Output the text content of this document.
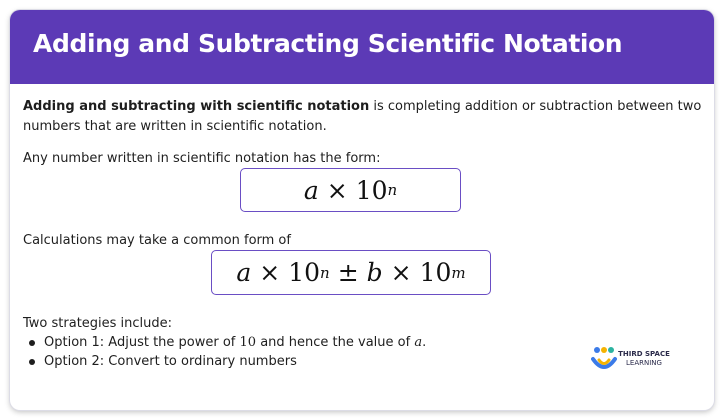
Adding and Subtracting Scientific Notation

Adding and subtracting with scientific notation is completing addition or subtraction between two

numbers that are written in scientific notation.

Any number written in scientific notation has the form:

a × 10 n

Calculations may take a common form of

a × 10 n ± b × 10 m

Two strategies include:

Option 1: Adjust the power of 10 and hence the value of a.
Option 2: Convert to ordinary numbers	THIRD SPACE
LEARNING
